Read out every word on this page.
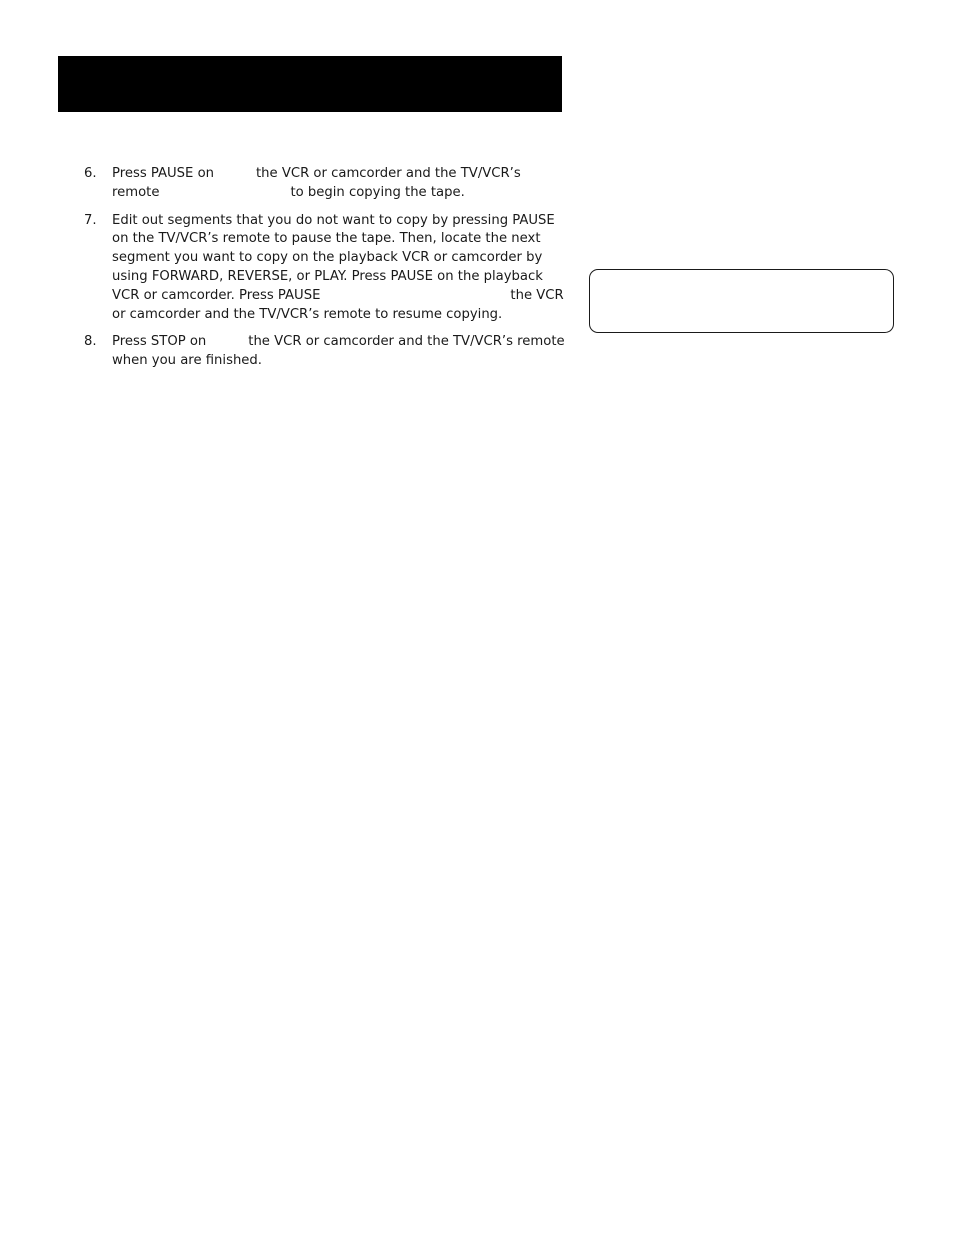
6. Press PAUSE on	the VCR or camcorder and the TV/VCR’s
remote	to begin copying the tape.
7. Edit out segments that you do not want to copy by pressing PAUSE
on the TV/VCR’s remote to pause the tape. Then, locate the next
segment you want to copy on the playback VCR or camcorder by
using FORWARD, REVERSE, or PLAY. Press PAUSE on the playback
VCR or camcorder. Press PAUSE	the VCR
or camcorder and the TV/VCR’s remote to resume copying.
8. Press STOP on	the VCR or camcorder and the TV/VCR’s remote
when you are finished.
